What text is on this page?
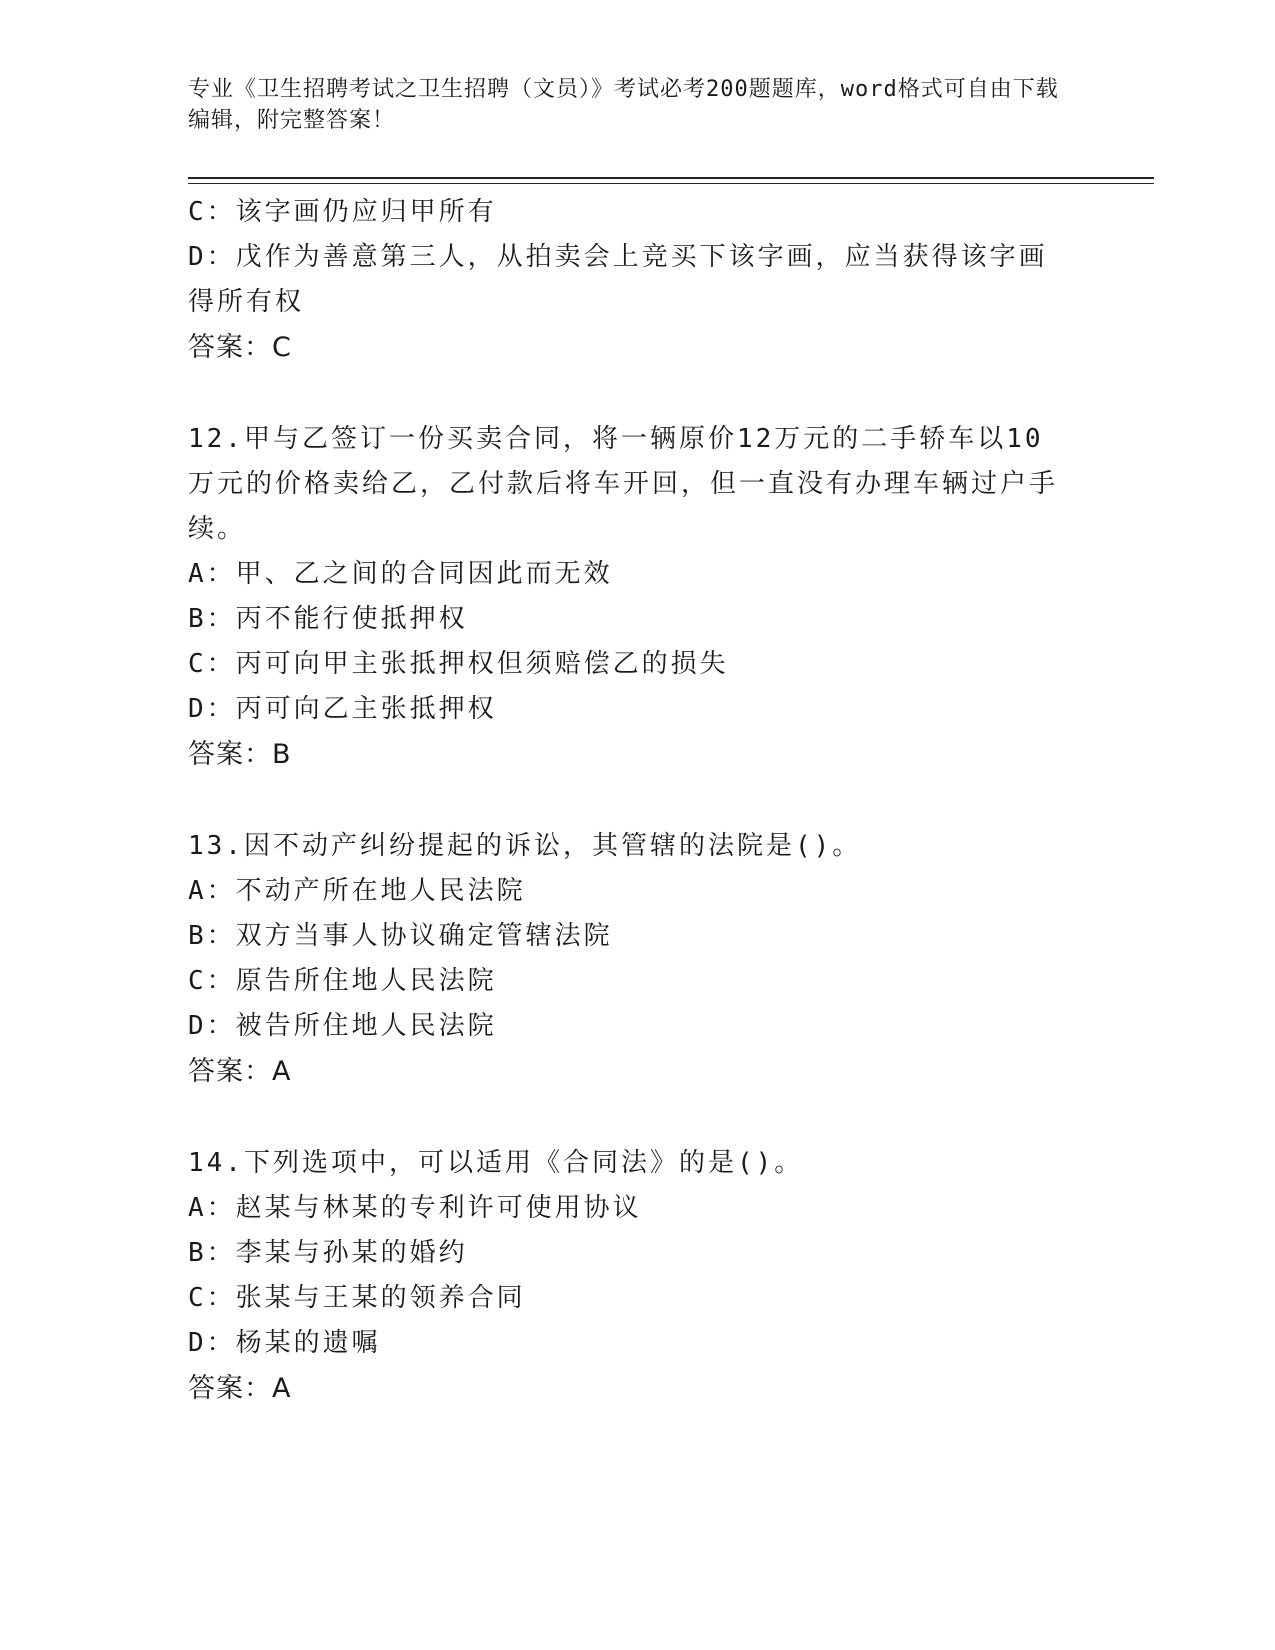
专业《卫生招聘考试之卫生招聘（文员）》考试必考200题题库，word格式可自由下载编辑，附完整答案！
C：该字画仍应归甲所有
D：戊作为善意第三人，从拍卖会上竞买下该字画，应当获得该字画得所有权
答案：C
12.甲与乙签订一份买卖合同，将一辆原价12万元的二手轿车以10万元的价格卖给乙，乙付款后将车开回，但一直没有办理车辆过户手续。
A：甲、乙之间的合同因此而无效
B：丙不能行使抵押权
C：丙可向甲主张抵押权但须赔偿乙的损失
D：丙可向乙主张抵押权
答案：B
13.因不动产纠纷提起的诉讼，其管辖的法院是()。
A：不动产所在地人民法院
B：双方当事人协议确定管辖法院
C：原告所住地人民法院
D：被告所住地人民法院
答案：A
14.下列选项中，可以适用《合同法》的是()。
A：赵某与林某的专利许可使用协议
B：李某与孙某的婚约
C：张某与王某的领养合同
D：杨某的遗嘱
答案：A
